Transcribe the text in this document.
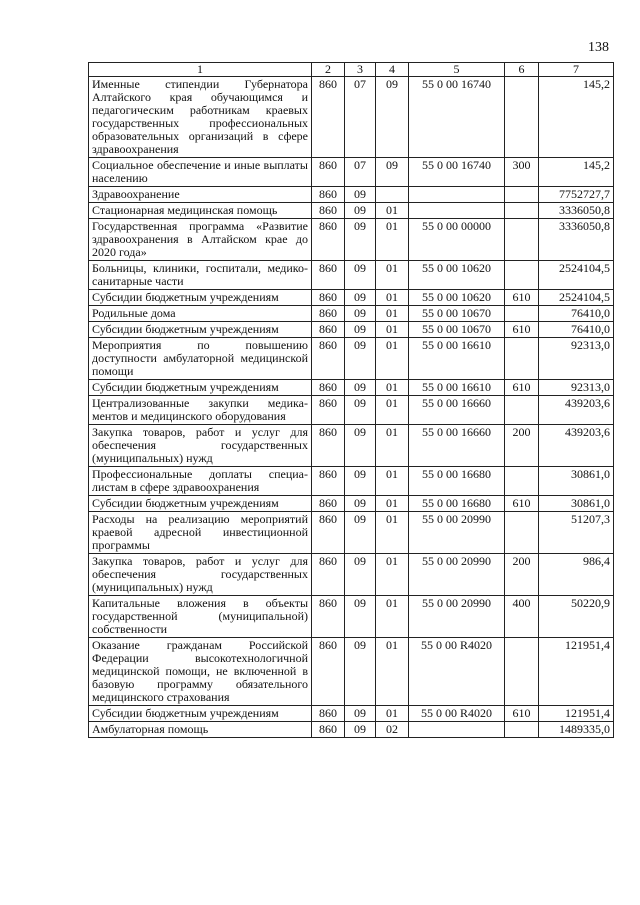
138
1	2	3	4	5	6	7
Именные стипендии Губернатора Алтайского края обучающимся и педагогическим работникам краевых государственных профессиональных образовательных организаций в сфере здравоохранения	860	07	09	55 0 00 16740		145,2
Социальное обеспечение и иные выплаты населению	860	07	09	55 0 00 16740	300	145,2
Здравоохранение	860	09				7752727,7
Стационарная медицинская помощь	860	09	01			3336050,8
Государственная программа «Развитие здравоохранения в Алтайском крае до 2020 года»	860	09	01	55 0 00 00000		3336050,8
Больницы, клиники, госпитали, медико-санитарные части	860	09	01	55 0 00 10620		2524104,5
Субсидии бюджетным учреждениям	860	09	01	55 0 00 10620	610	2524104,5
Родильные дома	860	09	01	55 0 00 10670		76410,0
Субсидии бюджетным учреждениям	860	09	01	55 0 00 10670	610	76410,0
Мероприятия по повышению доступности амбулаторной медицинской помощи	860	09	01	55 0 00 16610		92313,0
Субсидии бюджетным учреждениям	860	09	01	55 0 00 16610	610	92313,0
Централизованные закупки медикаментов и медицинского оборудования	860	09	01	55 0 00 16660		439203,6
Закупка товаров, работ и услуг для обеспечения государственных (муниципальных) нужд	860	09	01	55 0 00 16660	200	439203,6
Профессиональные доплаты специалистам в сфере здравоохранения	860	09	01	55 0 00 16680		30861,0
Субсидии бюджетным учреждениям	860	09	01	55 0 00 16680	610	30861,0
Расходы на реализацию мероприятий краевой адресной инвестиционной программы	860	09	01	55 0 00 20990		51207,3
Закупка товаров, работ и услуг для обеспечения государственных (муниципальных) нужд	860	09	01	55 0 00 20990	200	986,4
Капитальные вложения в объекты государственной (муниципальной) собственности	860	09	01	55 0 00 20990	400	50220,9
Оказание гражданам Российской Федерации высокотехнологичной медицинской помощи, не включенной в базовую программу обязательного медицинского страхования	860	09	01	55 0 00 R4020		121951,4
Субсидии бюджетным учреждениям	860	09	01	55 0 00 R4020	610	121951,4
Амбулаторная помощь	860	09	02			1489335,0
